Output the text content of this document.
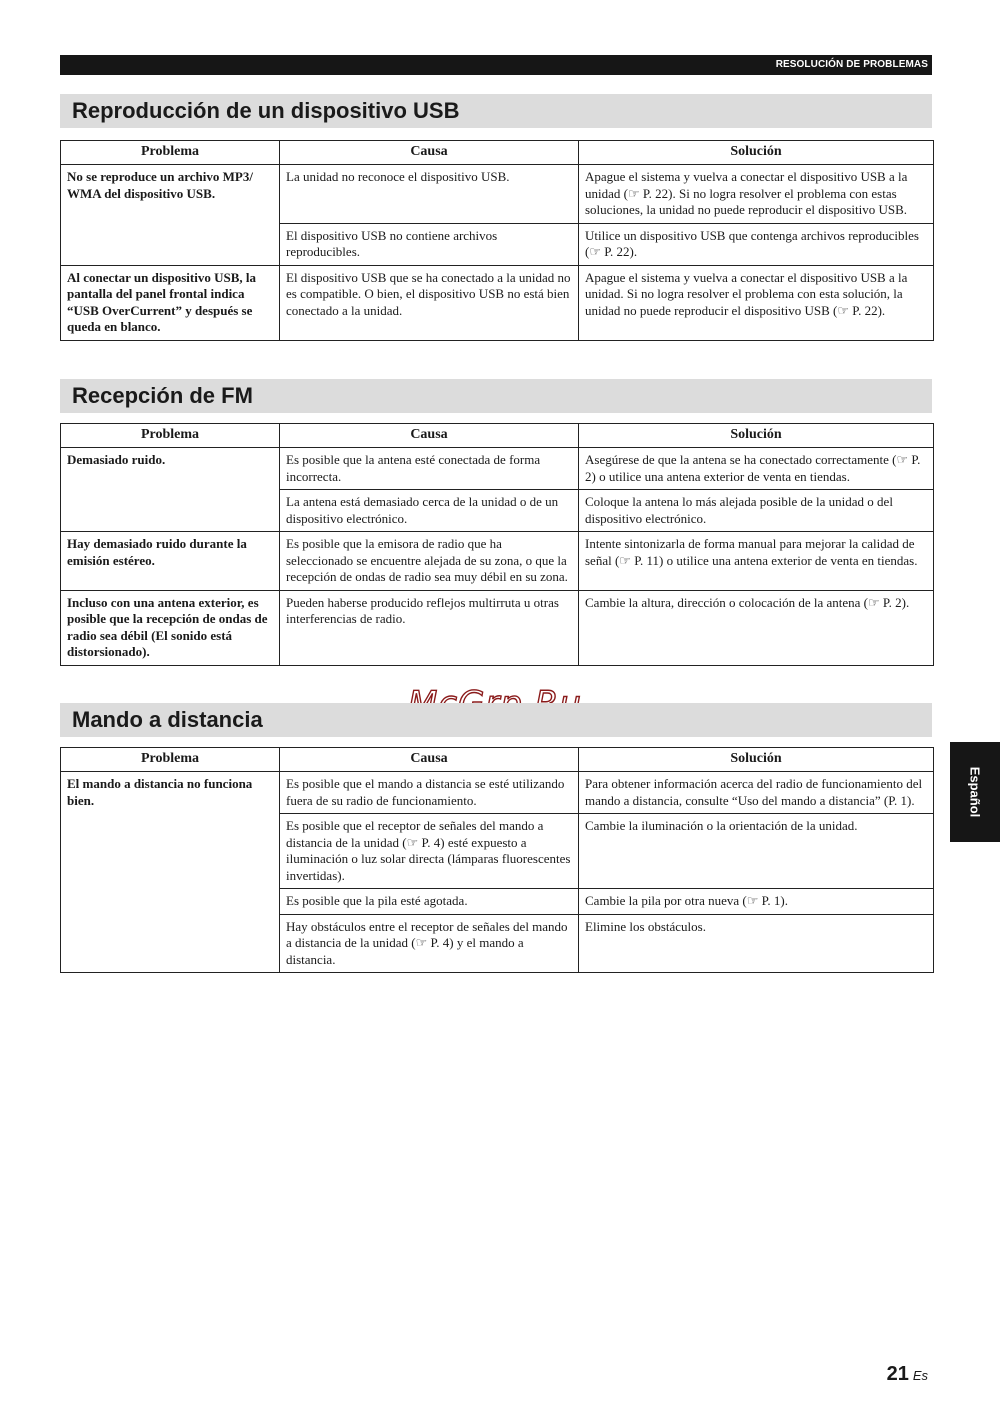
RESOLUCIÓN DE PROBLEMAS
Reproducción de un dispositivo USB
Problema	Causa	Solución
No se reproduce un archivo MP3/ WMA del dispositivo USB.	La unidad no reconoce el dispositivo USB.	Apague el sistema y vuelva a conectar el dispositivo USB a la unidad (☞ P. 22). Si no logra resolver el problema con estas soluciones, la unidad no puede reproducir el dispositivo USB.
	El dispositivo USB no contiene archivos reproducibles.	Utilice un dispositivo USB que contenga archivos reproducibles (☞ P. 22).
Al conectar un dispositivo USB, la pantalla del panel frontal indica “USB OverCurrent” y después se queda en blanco.	El dispositivo USB que se ha conectado a la unidad no es compatible. O bien, el dispositivo USB no está bien conectado a la unidad.	Apague el sistema y vuelva a conectar el dispositivo USB a la unidad. Si no logra resolver el problema con esta solución, la unidad no puede reproducir el dispositivo USB (☞ P. 22).
Recepción de FM
Problema	Causa	Solución
Demasiado ruido.	Es posible que la antena esté conectada de forma incorrecta.	Asegúrese de que la antena se ha conectado correctamente (☞ P. 2) o utilice una antena exterior de venta en tiendas.
	La antena está demasiado cerca de la unidad o de un dispositivo electrónico.	Coloque la antena lo más alejada posible de la unidad o del dispositivo electrónico.
Hay demasiado ruido durante la emisión estéreo.	Es posible que la emisora de radio que ha seleccionado se encuentre alejada de su zona, o que la recepción de ondas de radio sea muy débil en su zona.	Intente sintonizarla de forma manual para mejorar la calidad de señal (☞ P. 11) o utilice una antena exterior de venta en tiendas.
Incluso con una antena exterior, es posible que la recepción de ondas de radio sea débil (El sonido está distorsionado).	Pueden haberse producido reflejos multirruta u otras interferencias de radio.	Cambie la altura, dirección o colocación de la antena (☞ P. 2).
Mando a distancia
Problema	Causa	Solución
El mando a distancia no funciona bien.	Es posible que el mando a distancia se esté utilizando fuera de su radio de funcionamiento.	Para obtener información acerca del radio de funcionamiento del mando a distancia, consulte “Uso del mando a distancia” (P. 1).
	Es posible que el receptor de señales del mando a distancia de la unidad (☞ P. 4) esté expuesto a iluminación o luz solar directa (lámparas fluorescentes invertidas).	Cambie la iluminación o la orientación de la unidad.
	Es posible que la pila esté agotada.	Cambie la pila por otra nueva (☞ P. 1).
	Hay obstáculos entre el receptor de señales del mando a distancia de la unidad (☞ P. 4) y el mando a distancia.	Elimine los obstáculos.
Español
21 Es
